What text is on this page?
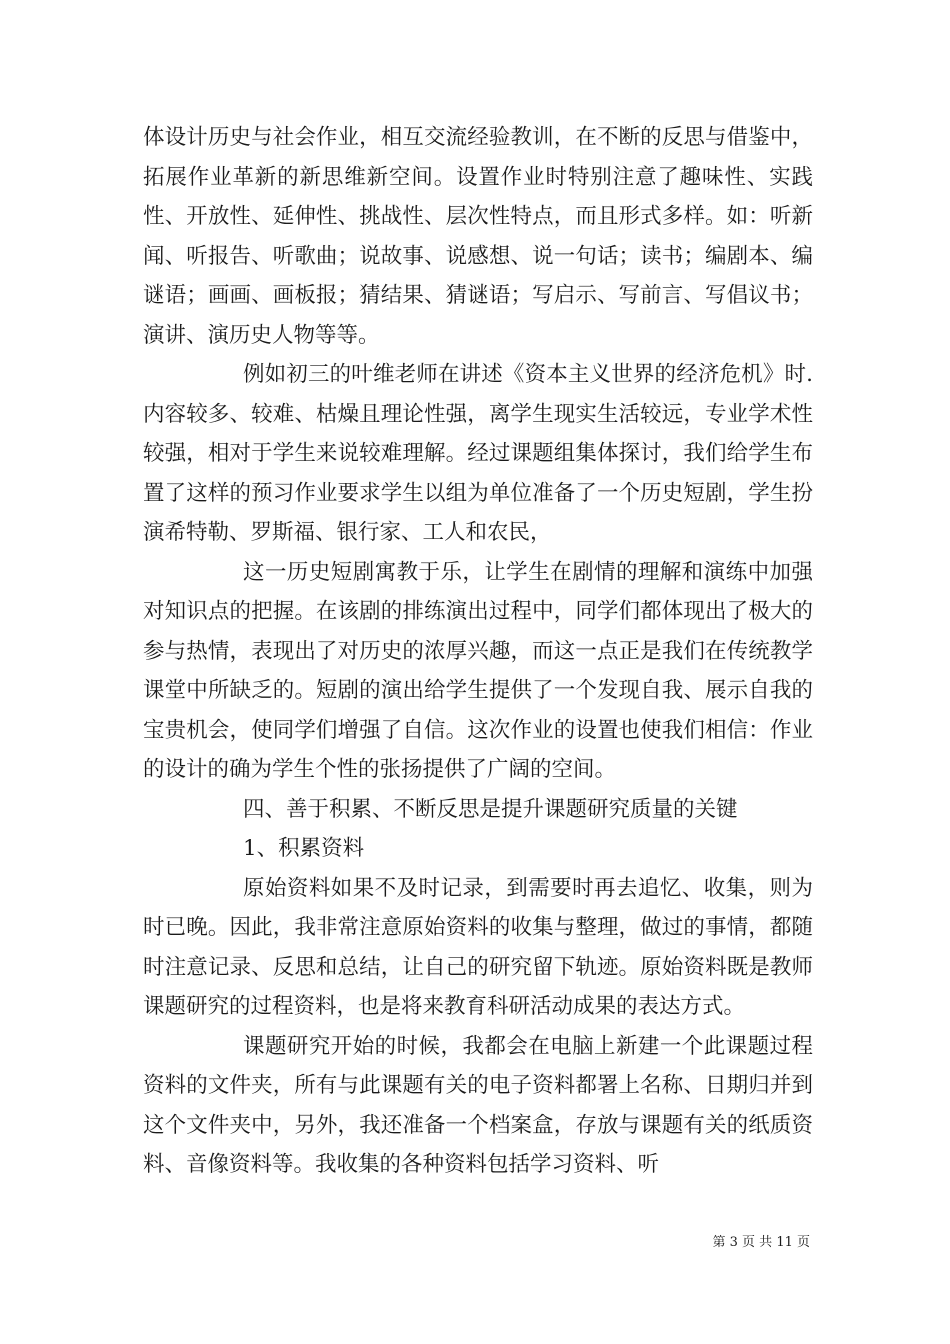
体设计历史与社会作业，相互交流经验教训，在不断的反思与借鉴中，拓展作业革新的新思维新空间。设置作业时特别注意了趣味性、实践性、开放性、延伸性、挑战性、层次性特点，而且形式多样。如：听新闻、听报告、听歌曲；说故事、说感想、说一句话；读书；编剧本、编谜语；画画、画板报；猜结果、猜谜语；写启示、写前言、写倡议书；演讲、演历史人物等等。

例如初三的叶维老师在讲述《资本主义世界的经济危机》时.内容较多、较难、枯燥且理论性强，离学生现实生活较远，专业学术性较强，相对于学生来说较难理解。经过课题组集体探讨，我们给学生布置了这样的预习作业要求学生以组为单位准备了一个历史短剧，学生扮演希特勒、罗斯福、银行家、工人和农民，

这一历史短剧寓教于乐，让学生在剧情的理解和演练中加强对知识点的把握。在该剧的排练演出过程中，同学们都体现出了极大的参与热情，表现出了对历史的浓厚兴趣，而这一点正是我们在传统教学课堂中所缺乏的。短剧的演出给学生提供了一个发现自我、展示自我的宝贵机会，使同学们增强了自信。这次作业的设置也使我们相信：作业的设计的确为学生个性的张扬提供了广阔的空间。

四、善于积累、不断反思是提升课题研究质量的关键

1、积累资料

原始资料如果不及时记录，到需要时再去追忆、收集，则为时已晚。因此，我非常注意原始资料的收集与整理，做过的事情，都随时注意记录、反思和总结，让自己的研究留下轨迹。原始资料既是教师课题研究的过程资料，也是将来教育科研活动成果的表达方式。

课题研究开始的时候，我都会在电脑上新建一个此课题过程资料的文件夹，所有与此课题有关的电子资料都署上名称、日期归并到这个文件夹中，另外，我还准备一个档案盒，存放与课题有关的纸质资料、音像资料等。我收集的各种资料包括学习资料、听

第 3 页 共 11 页
